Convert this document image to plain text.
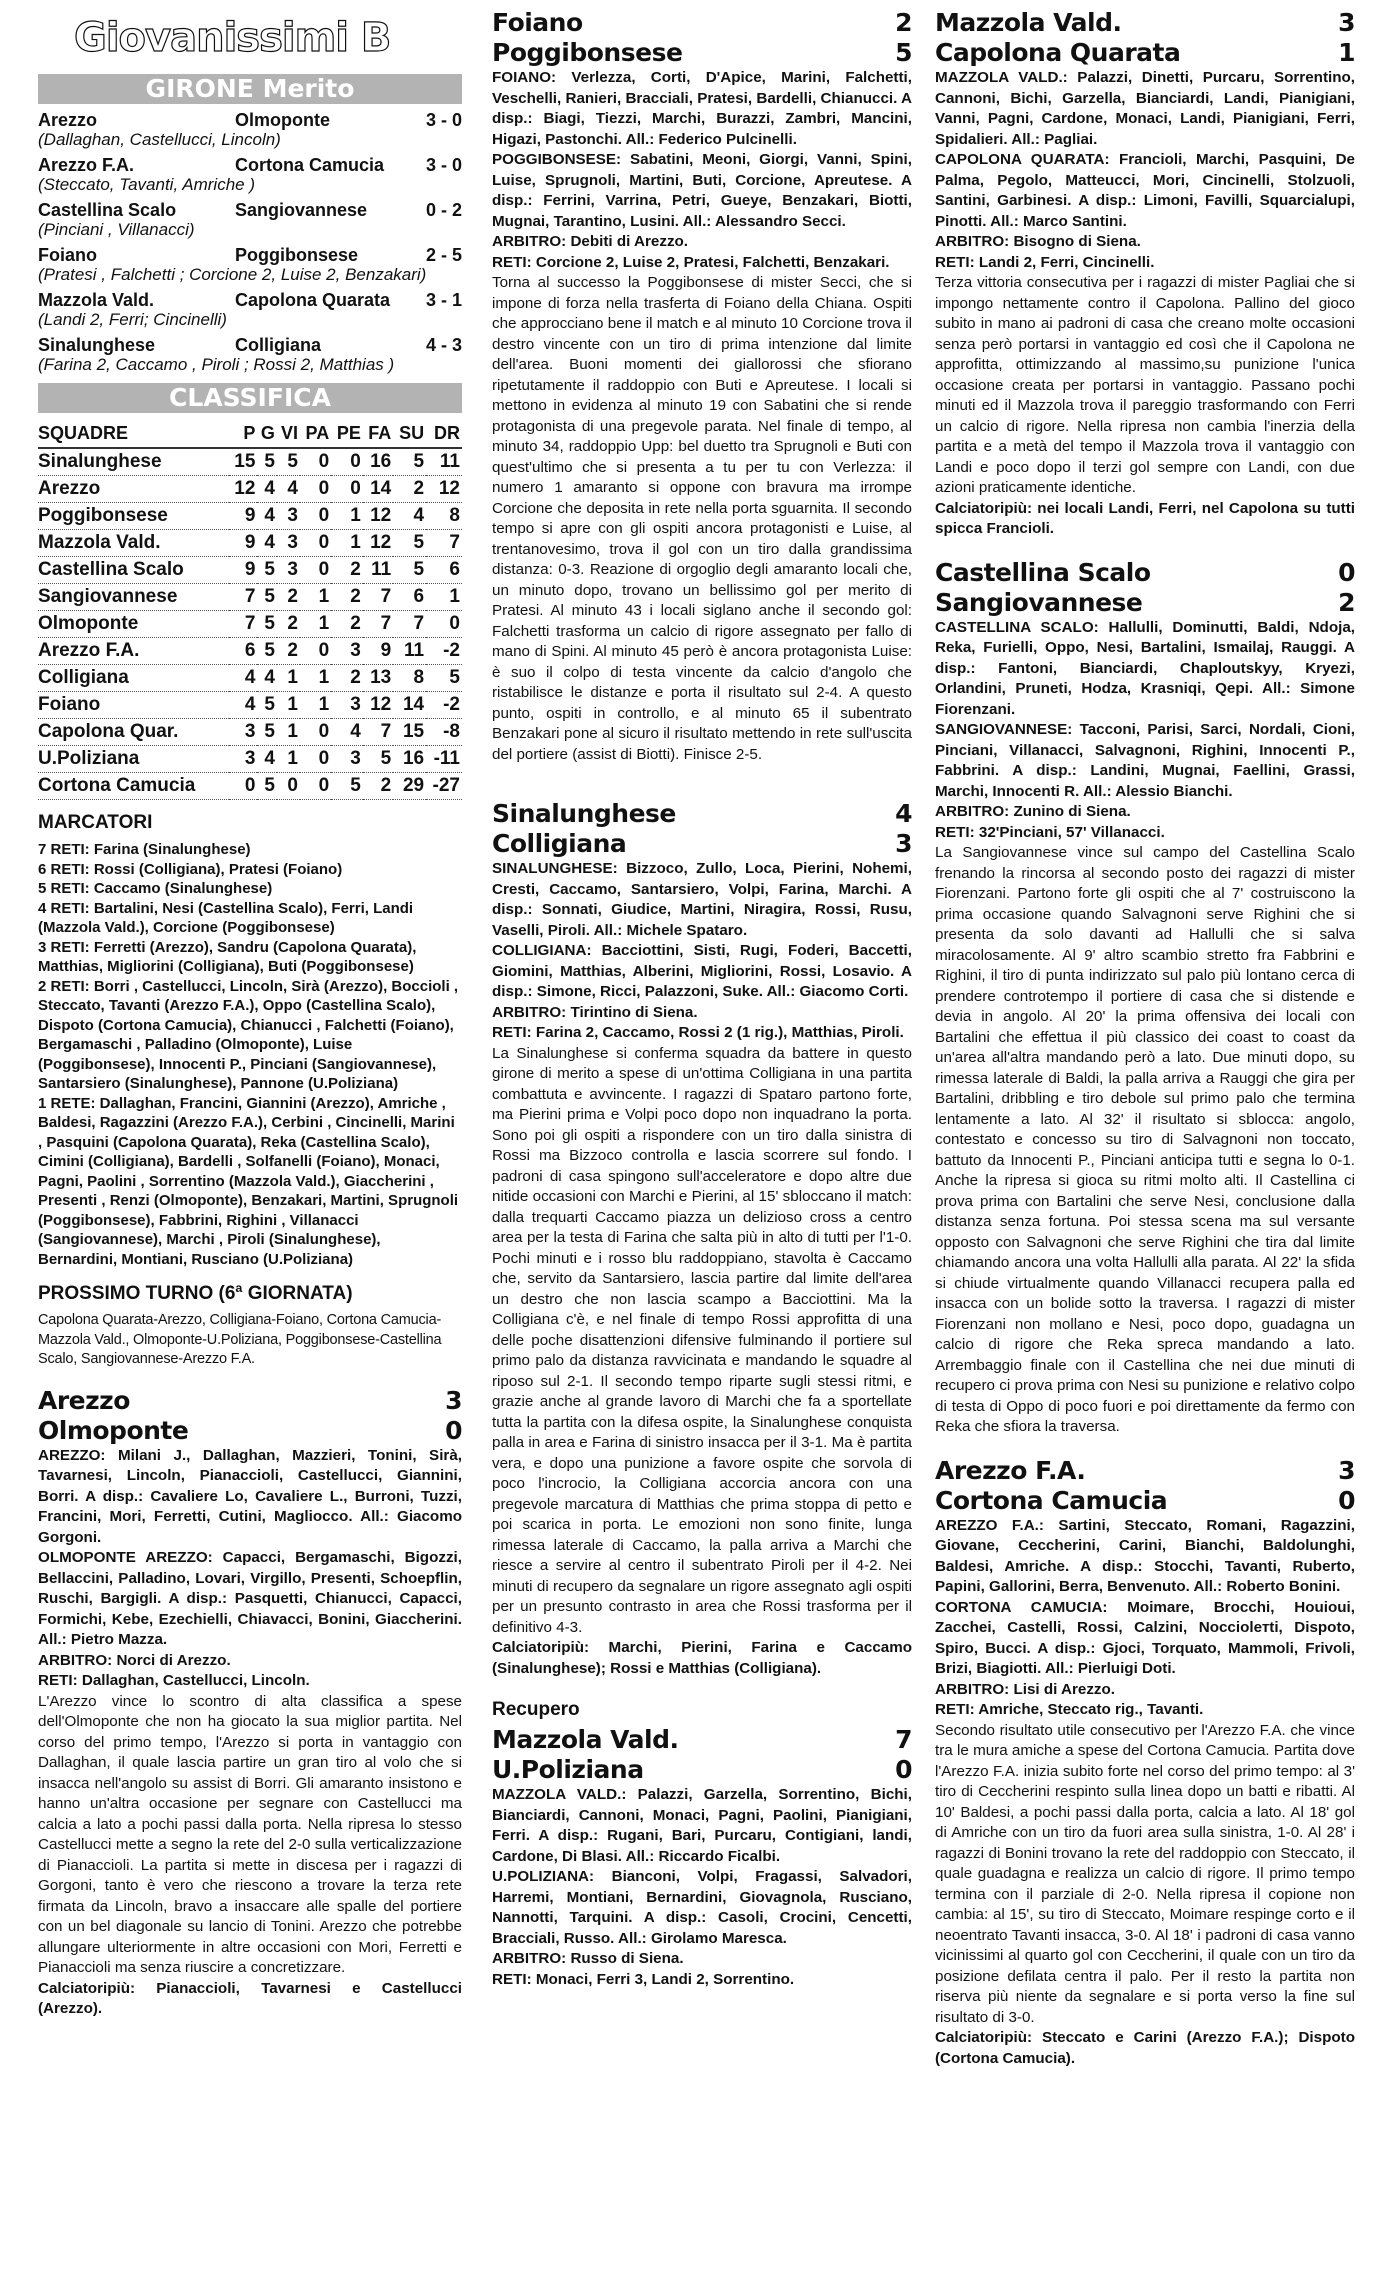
Giovanissimi B
GIRONE Merito
Arezzo	Olmoponte	3 - 0
(Dallaghan, Castellucci, Lincoln)
Arezzo F.A.	Cortona Camucia	3 - 0
(Steccato, Tavanti, Amriche )
Castellina Scalo	Sangiovannese	0 - 2
(Pinciani , Villanacci)
Foiano	Poggibonsese	2 - 5
(Pratesi , Falchetti ; Corcione 2, Luise 2, Benzakari)
Mazzola Vald.	Capolona Quarata	3 - 1
(Landi 2, Ferri; Cincinelli)
Sinalunghese	Colligiana	4 - 3
(Farina 2, Caccamo , Piroli ; Rossi 2, Matthias )
CLASSIFICA
SQUADRE	P	G	VI	PA	PE	FA	SU	DR
Sinalunghese	15	5	5	0	0	16	5	11
Arezzo	12	4	4	0	0	14	2	12
Poggibonsese	9	4	3	0	1	12	4	8
Mazzola Vald.	9	4	3	0	1	12	5	7
Castellina Scalo	9	5	3	0	2	11	5	6
Sangiovannese	7	5	2	1	2	7	6	1
Olmoponte	7	5	2	1	2	7	7	0
Arezzo F.A.	6	5	2	0	3	9	11	-2
Colligiana	4	4	1	1	2	13	8	5
Foiano	4	5	1	1	3	12	14	-2
Capolona Quar.	3	5	1	0	4	7	15	-8
U.Poliziana	3	4	1	0	3	5	16	-11
Cortona Camucia	0	5	0	0	5	2	29	-27
MARCATORI
7 RETI: Farina (Sinalunghese)
6 RETI: Rossi (Colligiana), Pratesi (Foiano)
5 RETI: Caccamo (Sinalunghese)
4 RETI: Bartalini, Nesi (Castellina Scalo), Ferri, Landi (Mazzola Vald.), Corcione (Poggibonsese)
3 RETI: Ferretti (Arezzo), Sandru (Capolona Quarata), Matthias, Migliorini (Colligiana), Buti (Poggibonsese)
2 RETI: Borri , Castellucci, Lincoln, Sirà (Arezzo), Boccioli , Steccato, Tavanti (Arezzo F.A.), Oppo (Castellina Scalo), Dispoto (Cortona Camucia), Chianucci , Falchetti (Foiano), Bergamaschi , Palladino (Olmoponte), Luise (Poggibonsese), Innocenti P., Pinciani (Sangiovannese), Santarsiero (Sinalunghese), Pannone (U.Poliziana)
1 RETE: Dallaghan, Francini, Giannini (Arezzo), Amriche , Baldesi, Ragazzini (Arezzo F.A.), Cerbini , Cincinelli, Marini , Pasquini (Capolona Quarata), Reka (Castellina Scalo), Cimini (Colligiana), Bardelli , Solfanelli (Foiano), Monaci, Pagni, Paolini , Sorrentino (Mazzola Vald.), Giaccherini , Presenti , Renzi (Olmoponte), Benzakari, Martini, Sprugnoli (Poggibonsese), Fabbrini, Righini , Villanacci (Sangiovannese), Marchi , Piroli (Sinalunghese), Bernardini, Montiani, Rusciano (U.Poliziana)
PROSSIMO TURNO (6ª GIORNATA)
Capolona Quarata-Arezzo, Colligiana-Foiano, Cortona Camucia-Mazzola Vald., Olmoponte-U.Poliziana, Poggibonsese-Castellina Scalo, Sangiovannese-Arezzo F.A.
Arezzo	3
Olmoponte	0

AREZZO: Milani J., Dallaghan, Mazzieri, Tonini, Sirà, Tavarnesi, Lincoln, Pianaccioli, Castellucci, Giannini, Borri. A disp.: Cavaliere Lo, Cavaliere L., Burroni, Tuzzi, Francini, Mori, Ferretti, Cutini, Magliocco. All.: Giacomo Gorgoni.

OLMOPONTE AREZZO: Capacci, Bergamaschi, Bigozzi, Bellaccini, Palladino, Lovari, Virgillo, Presenti, Schoepflin, Ruschi, Bargigli. A disp.: Pasquetti, Chianucci, Capacci, Formichi, Kebe, Ezechielli, Chiavacci, Bonini, Giaccherini. All.: Pietro Mazza.

ARBITRO: Norci di Arezzo.

RETI: Dallaghan, Castellucci, Lincoln.

L'Arezzo vince lo scontro di alta classifica a spese dell'Olmoponte che non ha giocato la sua miglior partita. Nel corso del primo tempo, l'Arezzo si porta in vantaggio con Dallaghan, il quale lascia partire un gran tiro al volo che si insacca nell'angolo su assist di Borri. Gli amaranto insistono e hanno un'altra occasione per segnare con Castellucci ma calcia a lato a pochi passi dalla porta. Nella ripresa lo stesso Castellucci mette a segno la rete del 2-0 sulla verticalizzazione di Pianaccioli. La partita si mette in discesa per i ragazzi di Gorgoni, tanto è vero che riescono a trovare la terza rete firmata da Lincoln, bravo a insaccare alle spalle del portiere con un bel diagonale su lancio di Tonini. Arezzo che potrebbe allungare ulteriormente in altre occasioni con Mori, Ferretti e Pianaccioli ma senza riuscire a concretizzare.

Calciatoripiù: Pianaccioli, Tavarnesi e Castellucci (Arezzo).

Foiano	2
Poggibonsese	5

FOIANO: Verlezza, Corti, D'Apice, Marini, Falchetti, Veschelli, Ranieri, Bracciali, Pratesi, Bardelli, Chianucci. A disp.: Biagi, Tiezzi, Marchi, Burazzi, Zambri, Mancini, Higazi, Pastonchi. All.: Federico Pulcinelli.

POGGIBONSESE: Sabatini, Meoni, Giorgi, Vanni, Spini, Luise, Sprugnoli, Martini, Buti, Corcione, Apreutese. A disp.: Ferrini, Varrina, Petri, Gueye, Benzakari, Biotti, Mugnai, Tarantino, Lusini. All.: Alessandro Secci.

ARBITRO: Debiti di Arezzo.

RETI: Corcione 2, Luise 2, Pratesi, Falchetti, Benzakari.

Torna al successo la Poggibonsese di mister Secci, che si impone di forza nella trasferta di Foiano della Chiana. Ospiti che approcciano bene il match e al minuto 10 Corcione trova il destro vincente con un tiro di prima intenzione dal limite dell'area. Buoni momenti dei giallorossi che sfiorano ripetutamente il raddoppio con Buti e Apreutese. I locali si mettono in evidenza al minuto 19 con Sabatini che si rende protagonista di una pregevole parata. Nel finale di tempo, al minuto 34, raddoppio Upp: bel duetto tra Sprugnoli e Buti con quest'ultimo che si presenta a tu per tu con Verlezza: il numero 1 amaranto si oppone con bravura ma irrompe Corcione che deposita in rete nella porta sguarnita. Il secondo tempo si apre con gli ospiti ancora protagonisti e Luise, al trentanovesimo, trova il gol con un tiro dalla grandissima distanza: 0-3. Reazione di orgoglio degli amaranto locali che, un minuto dopo, trovano un bellissimo gol per merito di Pratesi. Al minuto 43 i locali siglano anche il secondo gol: Falchetti trasforma un calcio di rigore assegnato per fallo di mano di Spini. Al minuto 45 però è ancora protagonista Luise: è suo il colpo di testa vincente da calcio d'angolo che ristabilisce le distanze e porta il risultato sul 2-4. A questo punto, ospiti in controllo, e al minuto 65 il subentrato Benzakari pone al sicuro il risultato mettendo in rete sull'uscita del portiere (assist di Biotti). Finisce 2-5.

Sinalunghese	4
Colligiana	3

SINALUNGHESE: Bizzoco, Zullo, Loca, Pierini, Nohemi, Cresti, Caccamo, Santarsiero, Volpi, Farina, Marchi. A disp.: Sonnati, Giudice, Martini, Niragira, Rossi, Rusu, Vaselli, Piroli. All.: Michele Spataro.

COLLIGIANA: Bacciottini, Sisti, Rugi, Foderi, Baccetti, Giomini, Matthias, Alberini, Migliorini, Rossi, Losavio. A disp.: Simone, Ricci, Palazzoni, Suke. All.: Giacomo Corti.

ARBITRO: Tirintino di Siena.

RETI: Farina 2, Caccamo, Rossi 2 (1 rig.), Matthias, Piroli.

La Sinalunghese si conferma squadra da battere in questo girone di merito a spese di un'ottima Colligiana in una partita combattuta e avvincente. I ragazzi di Spataro partono forte, ma Pierini prima e Volpi poco dopo non inquadrano la porta. Sono poi gli ospiti a rispondere con un tiro dalla sinistra di Rossi ma Bizzoco controlla e lascia scorrere sul fondo. I padroni di casa spingono sull'acceleratore e dopo altre due nitide occasioni con Marchi e Pierini, al 15' sbloccano il match: dalla trequarti Caccamo piazza un delizioso cross a centro area per la testa di Farina che salta più in alto di tutti per l'1-0. Pochi minuti e i rosso blu raddoppiano, stavolta è Caccamo che, servito da Santarsiero, lascia partire dal limite dell'area un destro che non lascia scampo a Bacciottini. Ma la Colligiana c'è, e nel finale di tempo Rossi approfitta di una delle poche disattenzioni difensive fulminando il portiere sul primo palo da distanza ravvicinata e mandando le squadre al riposo sul 2-1. Il secondo tempo riparte sugli stessi ritmi, e grazie anche al grande lavoro di Marchi che fa a sportellate tutta la partita con la difesa ospite, la Sinalunghese conquista palla in area e Farina di sinistro insacca per il 3-1. Ma è partita vera, e dopo una punizione a favore ospite che sorvola di poco l'incrocio, la Colligiana accorcia ancora con una pregevole marcatura di Matthias che prima stoppa di petto e poi scarica in porta. Le emozioni non sono finite, lunga rimessa laterale di Caccamo, la palla arriva a Marchi che riesce a servire al centro il subentrato Piroli per il 4-2. Nei minuti di recupero da segnalare un rigore assegnato agli ospiti per un presunto contrasto in area che Rossi trasforma per il definitivo 4-3.

Calciatoripiù: Marchi, Pierini, Farina e Caccamo (Sinalunghese); Rossi e Matthias (Colligiana).

Recupero
Mazzola Vald.	7
U.Poliziana	0

MAZZOLA VALD.: Palazzi, Garzella, Sorrentino, Bichi, Bianciardi, Cannoni, Monaci, Pagni, Paolini, Pianigiani, Ferri. A disp.: Rugani, Bari, Purcaru, Contigiani, landi, Cardone, Di Blasi. All.: Riccardo Ficalbi.

U.POLIZIANA: Bianconi, Volpi, Fragassi, Salvadori, Harremi, Montiani, Bernardini, Giovagnola, Rusciano, Nannotti, Tarquini. A disp.: Casoli, Crocini, Cencetti, Bracciali, Russo. All.: Girolamo Maresca.

ARBITRO: Russo di Siena.

RETI: Monaci, Ferri 3, Landi 2, Sorrentino.

Mazzola Vald.	3
Capolona Quarata	1

MAZZOLA VALD.: Palazzi, Dinetti, Purcaru, Sorrentino, Cannoni, Bichi, Garzella, Bianciardi, Landi, Pianigiani, Vanni, Pagni, Cardone, Monaci, Landi, Pianigiani, Ferri, Spidalieri. All.: Pagliai.

CAPOLONA QUARATA: Francioli, Marchi, Pasquini, De Palma, Pegolo, Matteucci, Mori, Cincinelli, Stolzuoli, Santini, Garbinesi. A disp.: Limoni, Favilli, Squarcialupi, Pinotti. All.: Marco Santini.

ARBITRO: Bisogno di Siena.

RETI: Landi 2, Ferri, Cincinelli.

Terza vittoria consecutiva per i ragazzi di mister Pagliai che si impongo nettamente contro il Capolona. Pallino del gioco subito in mano ai padroni di casa che creano molte occasioni senza però portarsi in vantaggio ed così che il Capolona ne approfitta, ottimizzando al massimo,su punizione l'unica occasione creata per portarsi in vantaggio. Passano pochi minuti ed il Mazzola trova il pareggio trasformando con Ferri un calcio di rigore. Nella ripresa non cambia l'inerzia della partita e a metà del tempo il Mazzola trova il vantaggio con Landi e poco dopo il terzi gol sempre con Landi, con due azioni praticamente identiche.

Calciatoripiù: nei locali Landi, Ferri, nel Capolona su tutti spicca Francioli.

Castellina Scalo	0
Sangiovannese	2

CASTELLINA SCALO: Hallulli, Dominutti, Baldi, Ndoja, Reka, Furielli, Oppo, Nesi, Bartalini, Ismailaj, Rauggi. A disp.: Fantoni, Bianciardi, Chaploutskyy, Kryezi, Orlandini, Pruneti, Hodza, Krasniqi, Qepi. All.: Simone Fiorenzani.

SANGIOVANNESE: Tacconi, Parisi, Sarci, Nordali, Cioni, Pinciani, Villanacci, Salvagnoni, Righini, Innocenti P., Fabbrini. A disp.: Landini, Mugnai, Faellini, Grassi, Marchi, Innocenti R. All.: Alessio Bianchi.

ARBITRO: Zunino di Siena.

RETI: 32'Pinciani, 57' Villanacci.

La Sangiovannese vince sul campo del Castellina Scalo frenando la rincorsa al secondo posto dei ragazzi di mister Fiorenzani. Partono forte gli ospiti che al 7' costruiscono la prima occasione quando Salvagnoni serve Righini che si presenta da solo davanti ad Hallulli che si salva miracolosamente. Al 9' altro scambio stretto fra Fabbrini e Righini, il tiro di punta indirizzato sul palo più lontano cerca di prendere controtempo il portiere di casa che si distende e devia in angolo. Al 20' la prima offensiva dei locali con Bartalini che effettua il più classico dei coast to coast da un'area all'altra mandando però a lato. Due minuti dopo, su rimessa laterale di Baldi, la palla arriva a Rauggi che gira per Bartalini, dribbling e tiro debole sul primo palo che termina lentamente a lato. Al 32' il risultato si sblocca: angolo, contestato e concesso su tiro di Salvagnoni non toccato, battuto da Innocenti P., Pinciani anticipa tutti e segna lo 0-1. Anche la ripresa si gioca su ritmi molto alti. Il Castellina ci prova prima con Bartalini che serve Nesi, conclusione dalla distanza senza fortuna. Poi stessa scena ma sul versante opposto con Salvagnoni che serve Righini che tira dal limite chiamando ancora una volta Hallulli alla parata. Al 22' la sfida si chiude virtualmente quando Villanacci recupera palla ed insacca con un bolide sotto la traversa. I ragazzi di mister Fiorenzani non mollano e Nesi, poco dopo, guadagna un calcio di rigore che Reka spreca mandando a lato. Arrembaggio finale con il Castellina che nei due minuti di recupero ci prova prima con Nesi su punizione e relativo colpo di testa di Oppo di poco fuori e poi direttamente da fermo con Reka che sfiora la traversa.

Arezzo F.A.	3
Cortona Camucia	0

AREZZO F.A.: Sartini, Steccato, Romani, Ragazzini, Giovane, Ceccherini, Carini, Bianchi, Baldolunghi, Baldesi, Amriche. A disp.: Stocchi, Tavanti, Ruberto, Papini, Gallorini, Berra, Benvenuto. All.: Roberto Bonini.

CORTONA CAMUCIA: Moimare, Brocchi, Houioui, Zacchei, Castelli, Rossi, Calzini, Nocciolетti, Dispoto, Spiro, Bucci. A disp.: Gjoci, Torquato, Mammoli, Frivoli, Brizi, Biagiotti. All.: Pierluigi Doti.

ARBITRO: Lisi di Arezzo.

RETI: Amriche, Steccato rig., Tavanti.

Secondo risultato utile consecutivo per l'Arezzo F.A. che vince tra le mura amiche a spese del Cortona Camucia. Partita dove l'Arezzo F.A. inizia subito forte nel corso del primo tempo: al 3' tiro di Ceccherini respinto sulla linea dopo un batti e ribatti. Al 10' Baldesi, a pochi passi dalla porta, calcia a lato. Al 18' gol di Amriche con un tiro da fuori area sulla sinistra, 1-0. Al 28' i ragazzi di Bonini trovano la rete del raddoppio con Steccato, il quale guadagna e realizza un calcio di rigore. Il primo tempo termina con il parziale di 2-0. Nella ripresa il copione non cambia: al 15', su tiro di Steccato, Moimare respinge corto e il neoentrato Tavanti insacca, 3-0. Al 18' i padroni di casa vanno vicinissimi al quarto gol con Ceccherini, il quale con un tiro da posizione defilata centra il palo. Per il resto la partita non riserva più niente da segnalare e si porta verso la fine sul risultato di 3-0.

Calciatoripiù: Steccato e Carini (Arezzo F.A.); Dispoto (Cortona Camucia).
